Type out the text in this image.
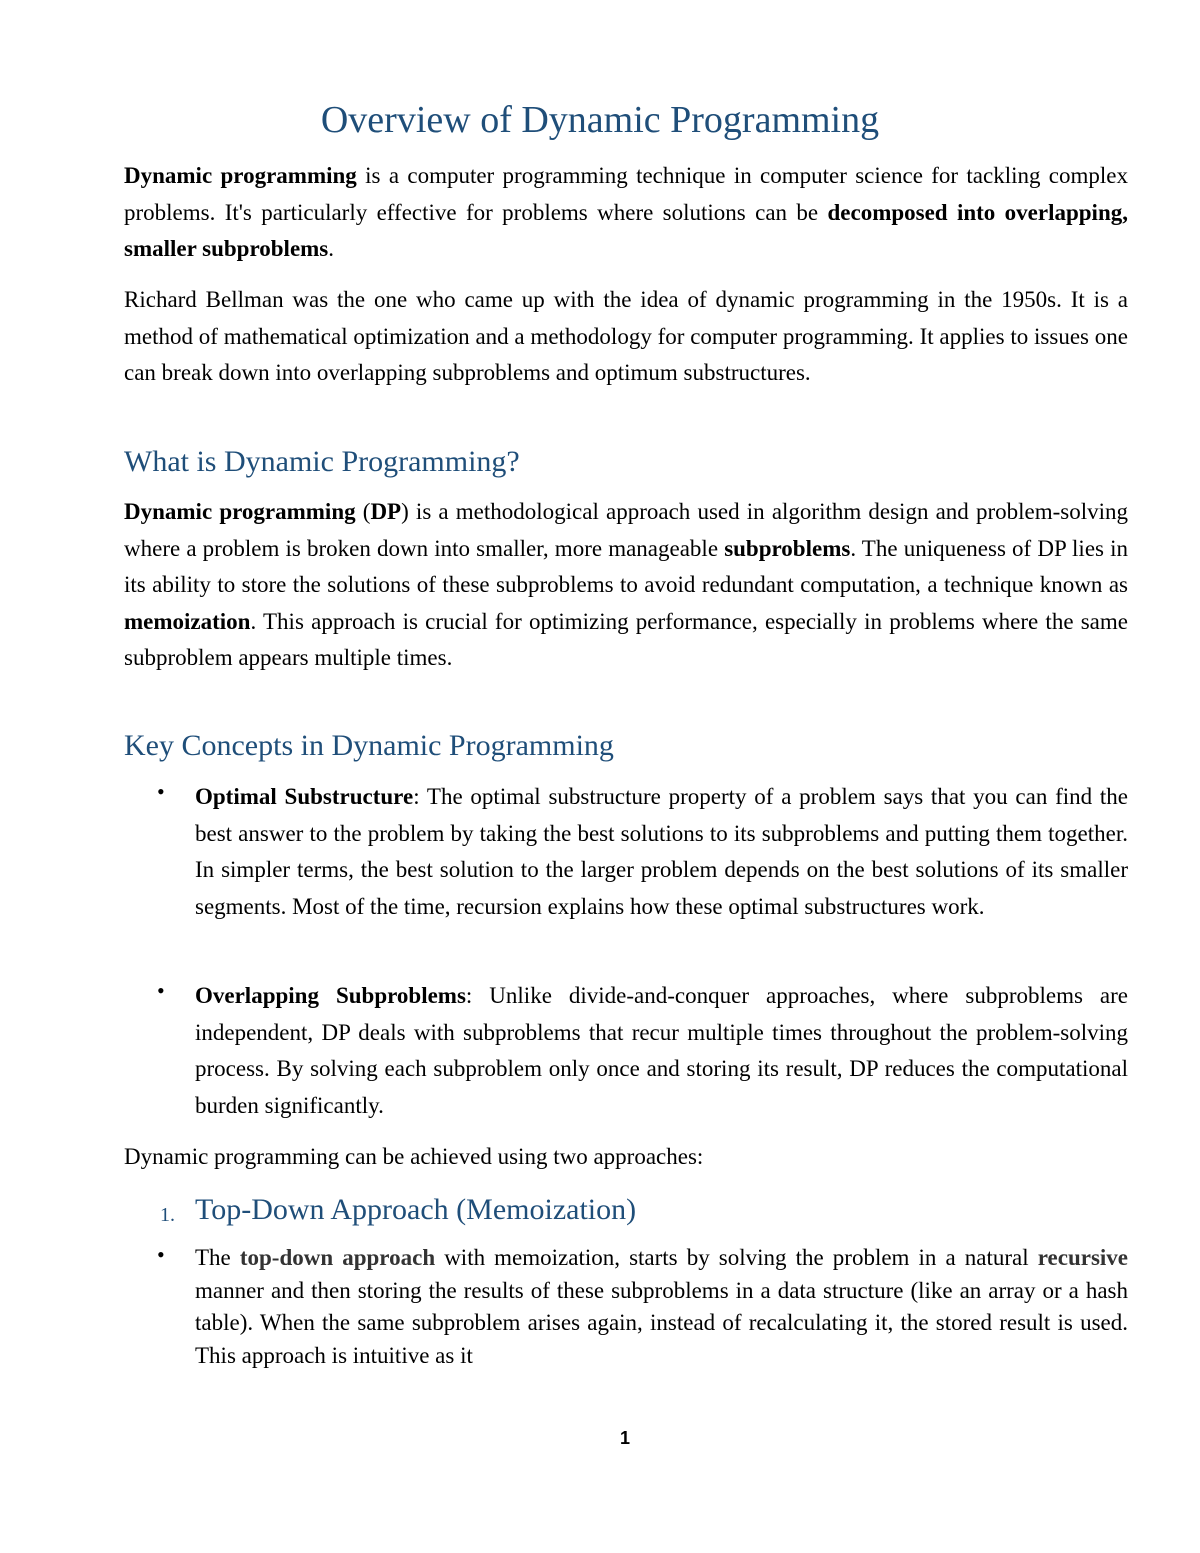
Overview of Dynamic Programming
Dynamic programming is a computer programming technique in computer science for tackling complex problems. It's particularly effective for problems where solutions can be decomposed into overlapping, smaller subproblems.
Richard Bellman was the one who came up with the idea of dynamic programming in the 1950s. It is a method of mathematical optimization and a methodology for computer programming. It applies to issues one can break down into overlapping subproblems and optimum substructures.
What is Dynamic Programming?
Dynamic programming (DP) is a methodological approach used in algorithm design and problem-solving where a problem is broken down into smaller, more manageable subproblems. The uniqueness of DP lies in its ability to store the solutions of these subproblems to avoid redundant computation, a technique known as memoization. This approach is crucial for optimizing performance, especially in problems where the same subproblem appears multiple times.
Key Concepts in Dynamic Programming
• Optimal Substructure: The optimal substructure property of a problem says that you can find the best answer to the problem by taking the best solutions to its subproblems and putting them together. In simpler terms, the best solution to the larger problem depends on the best solutions of its smaller segments. Most of the time, recursion explains how these optimal substructures work.
• Overlapping Subproblems: Unlike divide-and-conquer approaches, where subproblems are independent, DP deals with subproblems that recur multiple times throughout the problem-solving process. By solving each subproblem only once and storing its result, DP reduces the computational burden significantly.
Dynamic programming can be achieved using two approaches:
1. Top-Down Approach (Memoization)
• The top-down approach with memoization, starts by solving the problem in a natural recursive manner and then storing the results of these subproblems in a data structure (like an array or a hash table). When the same subproblem arises again, instead of recalculating it, the stored result is used. This approach is intuitive as it
1
